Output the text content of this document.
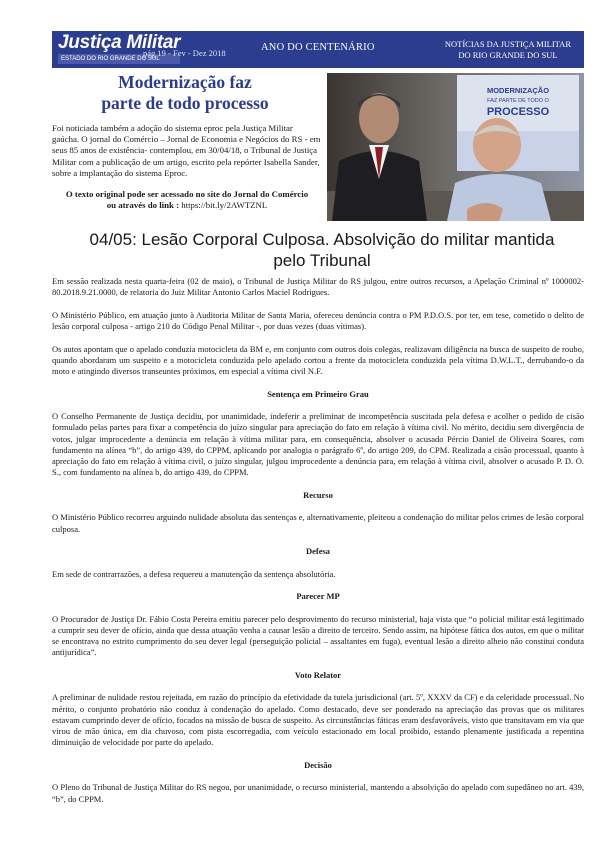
Justiça Militar
ESTADO DO RIO GRANDE DO SUL
pág 19 - Fev - Dez 2018	ANO DO CENTENÁRIO	NOTÍCIAS DA JUSTIÇA MILITAR
DO RIO GRANDE DO SUL
Modernização faz
parte de todo processo
Foi noticiada também a adoção do sistema eproc pela Justiça Militar gaúcha. O jornal do Comércio – Jornal de Economia e Negócios do RS - em seus 85 anos de existência- contemplou, em 30/04/18, o Tribunal de Justiça Militar com a publicação de um artigo, escrito pela repórter Isabella Sander, sobre a implantação do sistema Eproc.
O texto original pode ser acessado no site do Jornal do Comércio
ou através do link : https://bit.ly/2AWTZNL
MODERNIZAÇÃO
FAZ PARTE DE TODO O
PROCESSO
04/05: Lesão Corporal Culposa. Absolvição do militar mantida
pelo Tribunal

Em sessão realizada nesta quarta-feira (02 de maio), o Tribunal de Justiça Militar do RS julgou, entre outros recursos, a Apelação Criminal nº 1000002-80.2018.9.21.0000, de relatoria do Juiz Militar Antonio Carlos Maciel Rodrigues.

O Ministério Público, em atuação junto à Auditoria Militar de Santa Maria, ofereceu denúncia contra o PM P.D.O.S. por ter, em tese, cometido o delito de lesão corporal culposa - artigo 210 do Código Penal Militar -, por duas vezes (duas vítimas).

Os autos apontam que o apelado conduzia motocicleta da BM e, em conjunto com outros dois colegas, realizavam diligência na busca de suspeito de roubo, quando abordaram um suspeito e a motocicleta conduzida pelo apelado cortou a frente da motocicleta conduzida pela vítima D.W.L.T., derrubando-o da moto e atingindo diversos transeuntes próximos, em especial a vítima civil N.F.

Sentença em Primeiro Grau

O Conselho Permanente de Justiça decidiu, por unanimidade, indeferir a preliminar de incompetência suscitada pela defesa e acolher o pedido de cisão formulado pelas partes para fixar a competência do juízo singular para apreciação do fato em relação à vítima civil. No mérito, decidiu sem divergência de votos, julgar improcedente a denúncia em relação à vítima militar para, em consequência, absolver o acusado Pércio Daniel de Oliveira Soares, com fundamento na alínea “b”, do artigo 439, do CPPM, aplicando por analogia o parágrafo 6º, do artigo 209, do CPM. Realizada a cisão processual, quanto à apreciação do fato em relação à vítima civil, o juízo singular, julgou improcedente a denúncia para, em relação à vítima civil, absolver o acusado P. D. O. S., com fundamento na alínea b, do artigo 439, do CPPM.

Recurso

O Ministério Público recorreu arguindo nulidade absoluta das sentenças e, alternativamente, pleiteou a condenação do militar pelos crimes de lesão corporal culposa.

Defesa

Em sede de contrarrazões, a defesa requereu a manutenção da sentença absolutória.

Parecer MP

O Procurador de Justiça Dr. Fábio Costa Pereira emitiu parecer pelo desprovimento do recurso ministerial, haja vista que “o policial militar está legitimado a cumprir seu dever de ofício, ainda que dessa atuação venha a causar lesão a direito de terceiro. Sendo assim, na hipótese fática dos autos, em que o militar se encontrava no estrito cumprimento do seu dever legal (perseguição policial – assaltantes em fuga), eventual lesão a direito alheio não constitui conduta antijurídica”.

Voto Relator

A preliminar de nulidade restou rejeitada, em razão do princípio da efetividade da tutela jurisdicional (art. 5º, XXXV da CF) e da celeridade processual. No mérito, o conjunto probatório não conduz à condenação do apelado. Como destacado, deve ser ponderado na apreciação das provas que os militares estavam cumprindo dever de ofício, focados na missão de busca de suspeito. As circunstâncias fáticas eram desfavoráveis, visto que transitavam em via que virou de mão única, em dia chuvoso, com pista escorregadia, com veículo estacionado em local proibido, estando plenamente justificada a repentina diminuição de velocidade por parte do apelado.

Decisão

O Pleno do Tribunal de Justiça Militar do RS negou, por unanimidade, o recurso ministerial, mantendo a absolvição do apelado com supedâneo no art. 439, “b”, do CPPM.
